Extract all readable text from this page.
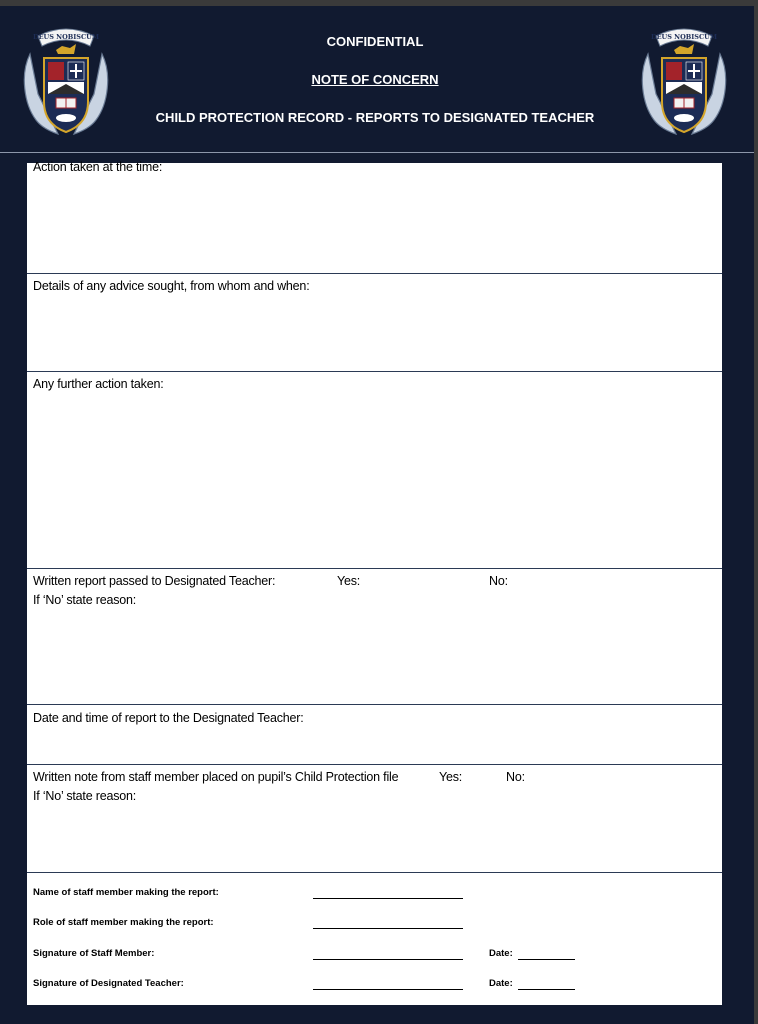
DEUS NOBISCUM	CONFIDENTIAL
NOTE OF CONCERN
CHILD PROTECTION RECORD - REPORTS TO DESIGNATED TEACHER
DEUS NOBISCUM
Action taken at the time:
Details of any advice sought, from whom and when:
Any further action taken:
Written report passed to Designated Teacher:	Yes:	No:
If ‘No’ state reason:
Date and time of report to the Designated Teacher:
Written note from staff member placed on pupil’s Child Protection file	Yes:	No:
If ‘No’ state reason:
Name of staff member making the report:
Role of staff member making the report:
Signature of Staff Member:	Date:
Signature of Designated Teacher:	Date:
